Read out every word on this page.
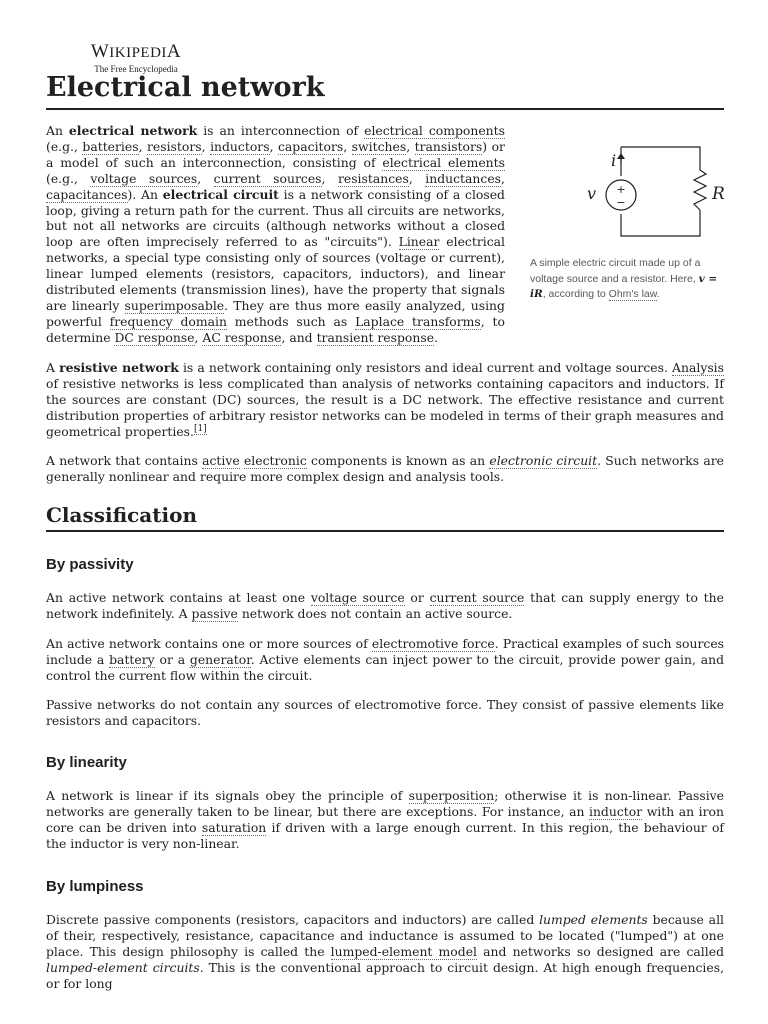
WIKIPEDIA
The Free Encyclopedia
Electrical network
+
−
i
v	R
A simple electric circuit made up of a voltage source and a resistor. Here, v = iR, according to Ohm's law.

An electrical network is an interconnection of electrical components (e.g., batteries, resistors, inductors, capacitors, switches, transistors) or a model of such an interconnection, consisting of electrical elements (e.g., voltage sources, current sources, resistances, inductances, capacitances). An electrical circuit is a network consisting of a closed loop, giving a return path for the current. Thus all circuits are networks, but not all networks are circuits (although networks without a closed loop are often imprecisely referred to as "circuits"). Linear electrical networks, a special type consisting only of sources (voltage or current), linear lumped elements (resistors, capacitors, inductors), and linear distributed elements (transmission lines), have the property that signals are linearly superimposable. They are thus more easily analyzed, using powerful frequency domain methods such as Laplace transforms, to determine DC response, AC response, and transient response.

A resistive network is a network containing only resistors and ideal current and voltage sources. Analysis of resistive networks is less complicated than analysis of networks containing capacitors and inductors. If the sources are constant (DC) sources, the result is a DC network. The effective resistance and current distribution properties of arbitrary resistor networks can be modeled in terms of their graph measures and geometrical properties.[1]

A network that contains active electronic components is known as an electronic circuit. Such networks are generally nonlinear and require more complex design and analysis tools.

Classification
By passivity

An active network contains at least one voltage source or current source that can supply energy to the network indefinitely. A passive network does not contain an active source.

An active network contains one or more sources of electromotive force. Practical examples of such sources include a battery or a generator. Active elements can inject power to the circuit, provide power gain, and control the current flow within the circuit.

Passive networks do not contain any sources of electromotive force. They consist of passive elements like resistors and capacitors.

By linearity

A network is linear if its signals obey the principle of superposition; otherwise it is non-linear. Passive networks are generally taken to be linear, but there are exceptions. For instance, an inductor with an iron core can be driven into saturation if driven with a large enough current. In this region, the behaviour of the inductor is very non-linear.

By lumpiness

Discrete passive components (resistors, capacitors and inductors) are called lumped elements because all of their, respectively, resistance, capacitance and inductance is assumed to be located ("lumped") at one place. This design philosophy is called the lumped-element model and networks so designed are called lumped-element circuits. This is the conventional approach to circuit design. At high enough frequencies, or for long
